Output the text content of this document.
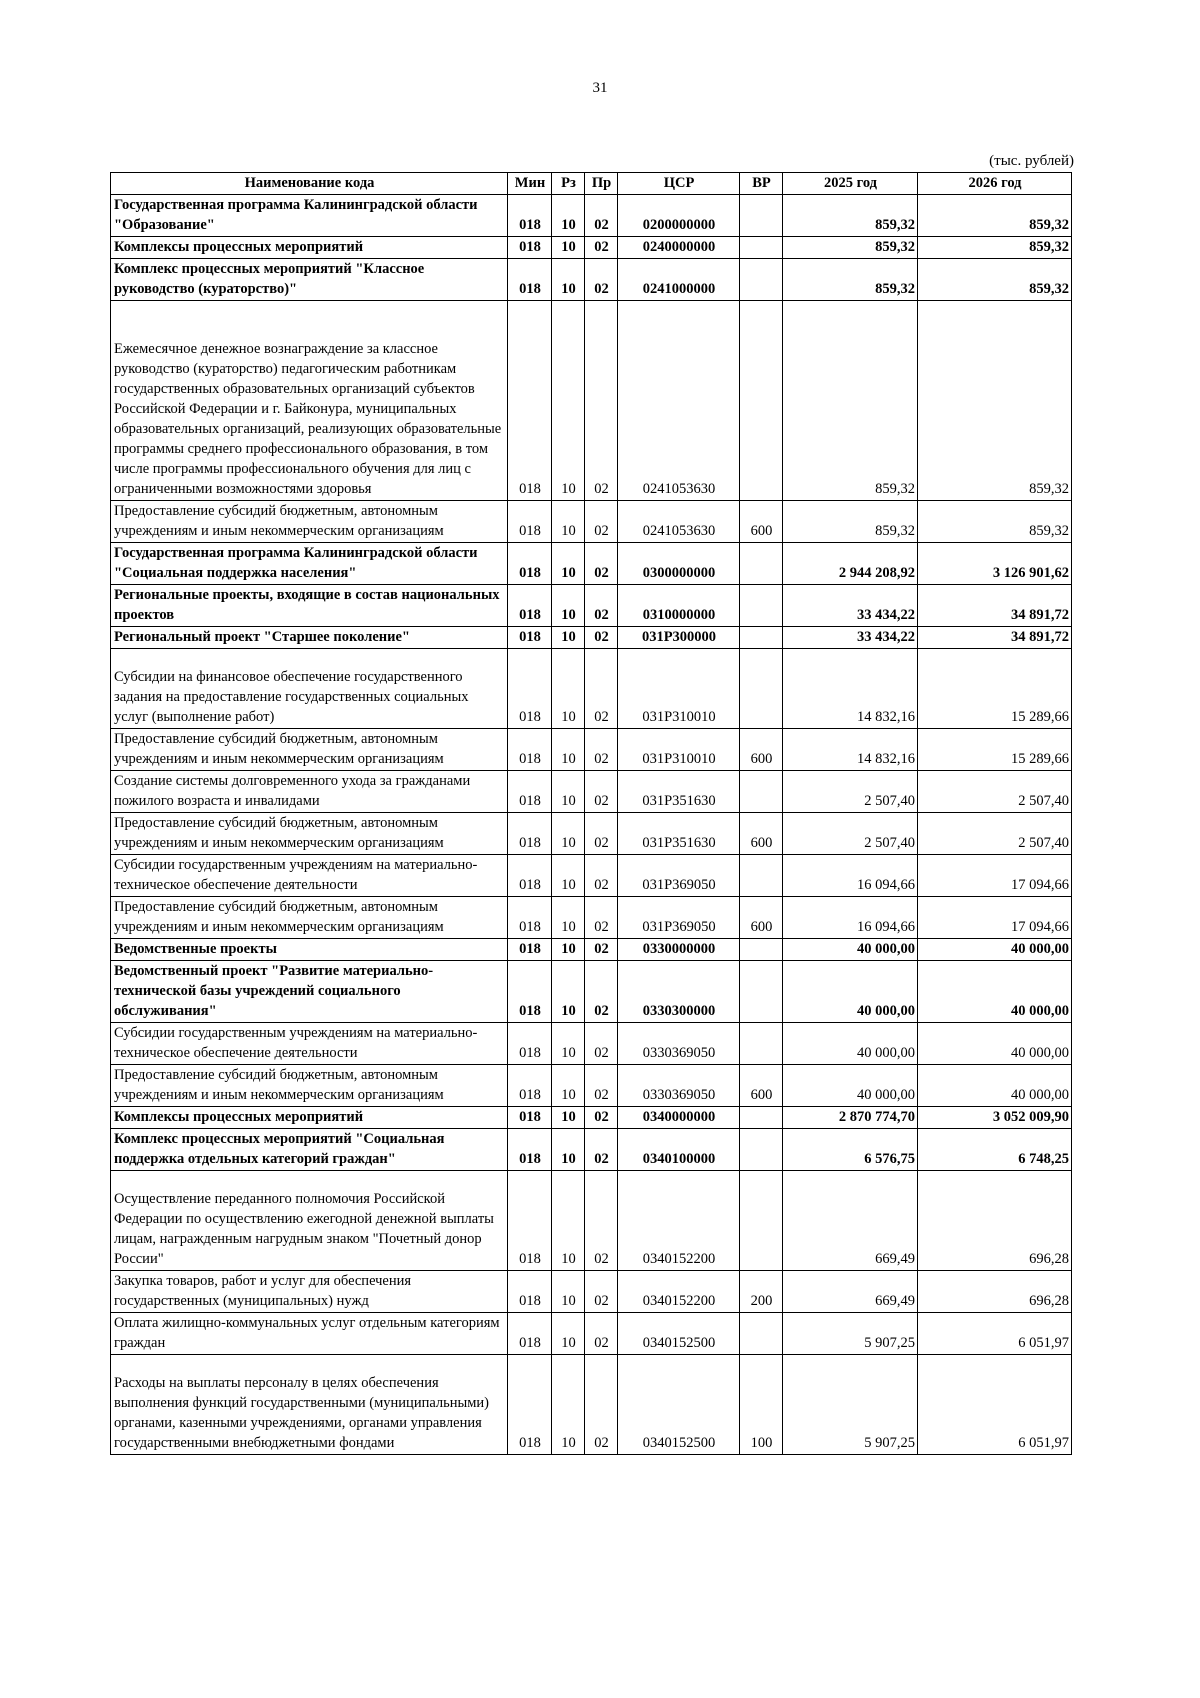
31
(тыс. рублей)
Наименование кода	Мин	Рз	Пр	ЦСР	ВР	2025 год	2026 год
Государственная программа Калининградской области "Образование"	018	10	02	0200000000		859,32	859,32
Комплексы процессных мероприятий	018	10	02	0240000000		859,32	859,32
Комплекс процессных мероприятий "Классное руководство (кураторство)"	018	10	02	0241000000		859,32	859,32
Ежемесячное денежное вознаграждение за классное руководство (кураторство) педагогическим работникам государственных образовательных организаций субъектов Российской Федерации и г. Байконура, муниципальных образовательных организаций, реализующих образовательные программы среднего профессионального образования, в том числе программы профессионального обучения для лиц с ограниченными возможностями здоровья	018	10	02	0241053630		859,32	859,32
Предоставление субсидий бюджетным, автономным учреждениям и иным некоммерческим организациям	018	10	02	0241053630	600	859,32	859,32
Государственная программа Калининградской области "Социальная поддержка населения"	018	10	02	0300000000		2 944 208,92	3 126 901,62
Региональные проекты, входящие в состав национальных проектов	018	10	02	0310000000		33 434,22	34 891,72
Региональный проект "Старшее поколение"	018	10	02	031P300000		33 434,22	34 891,72
Субсидии на финансовое обеспечение государственного задания на предоставление государственных социальных услуг (выполнение работ)	018	10	02	031P310010		14 832,16	15 289,66
Предоставление субсидий бюджетным, автономным учреждениям и иным некоммерческим организациям	018	10	02	031P310010	600	14 832,16	15 289,66
Создание системы долговременного ухода за гражданами пожилого возраста и инвалидами	018	10	02	031P351630		2 507,40	2 507,40
Предоставление субсидий бюджетным, автономным учреждениям и иным некоммерческим организациям	018	10	02	031P351630	600	2 507,40	2 507,40
Субсидии государственным учреждениям на материально-техническое обеспечение деятельности	018	10	02	031P369050		16 094,66	17 094,66
Предоставление субсидий бюджетным, автономным учреждениям и иным некоммерческим организациям	018	10	02	031P369050	600	16 094,66	17 094,66
Ведомственные проекты	018	10	02	0330000000		40 000,00	40 000,00
Ведомственный проект "Развитие материально-технической базы учреждений социального обслуживания"	018	10	02	0330300000		40 000,00	40 000,00
Субсидии государственным учреждениям на материально-техническое обеспечение деятельности	018	10	02	0330369050		40 000,00	40 000,00
Предоставление субсидий бюджетным, автономным учреждениям и иным некоммерческим организациям	018	10	02	0330369050	600	40 000,00	40 000,00
Комплексы процессных мероприятий	018	10	02	0340000000		2 870 774,70	3 052 009,90
Комплекс процессных мероприятий "Социальная поддержка отдельных категорий граждан"	018	10	02	0340100000		6 576,75	6 748,25
Осуществление переданного полномочия Российской Федерации по осуществлению ежегодной денежной выплаты лицам, награжденным нагрудным знаком "Почетный донор России"	018	10	02	0340152200		669,49	696,28
Закупка товаров, работ и услуг для обеспечения государственных (муниципальных) нужд	018	10	02	0340152200	200	669,49	696,28
Оплата жилищно-коммунальных услуг отдельным категориям граждан	018	10	02	0340152500		5 907,25	6 051,97
Расходы на выплаты персоналу в целях обеспечения выполнения функций государственными (муниципальными) органами, казенными учреждениями, органами управления государственными внебюджетными фондами	018	10	02	0340152500	100	5 907,25	6 051,97
